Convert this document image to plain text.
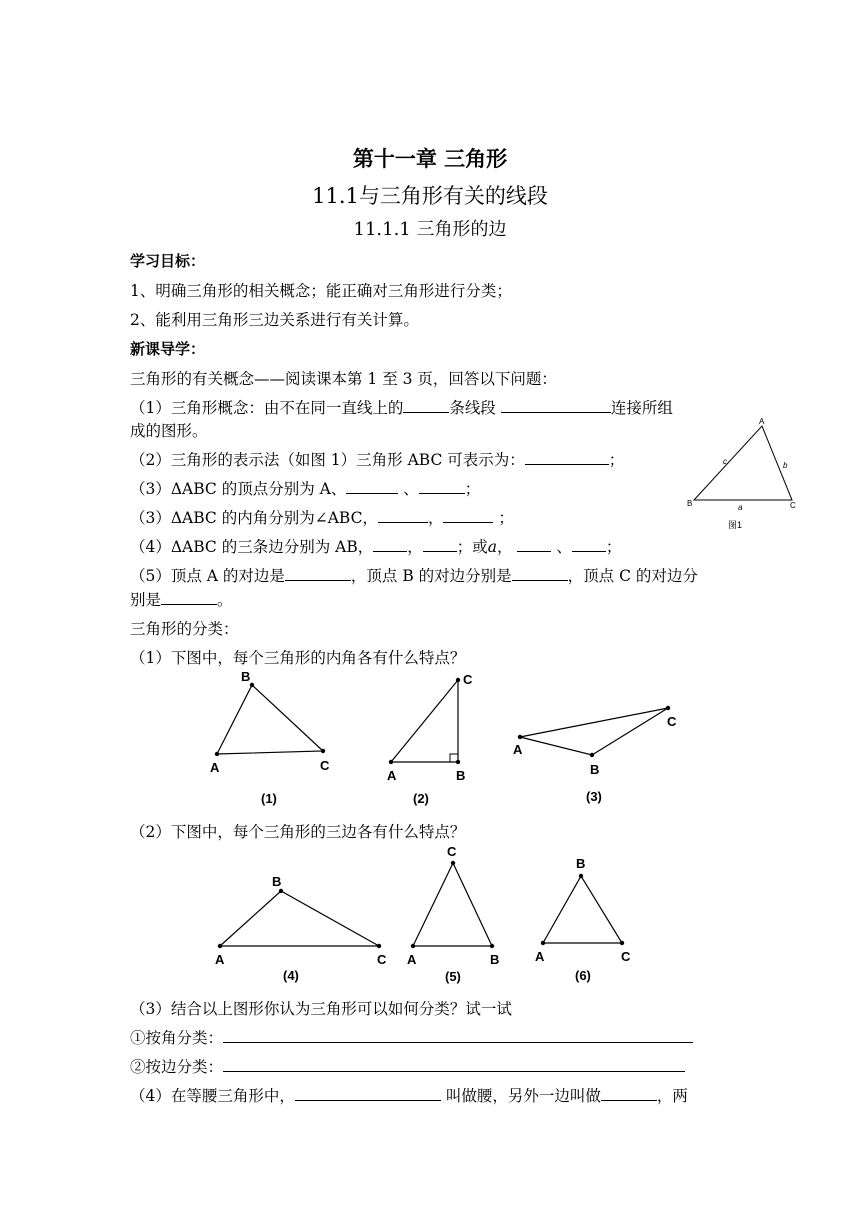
第十一章 三角形
11.1与三角形有关的线段
11.1.1 三角形的边
学习目标：
1、明确三角形的相关概念；能正确对三角形进行分类；
2、能利用三角形三边关系进行有关计算。
新课导学：
三角形的有关概念——阅读课本第 1 至 3 页，回答以下问题：
（1）三角形概念：由不在同一直线上的	条线段	连接所组
成的图形。
（2）三角形的表示法（如图 1）三角形 ABC 可表示为：	；
（3）ΔABC 的顶点分别为 A、	、	；
（3）ΔABC 的内角分别为∠ABC，	，	；
（4）ΔABC 的三条边分别为 AB， ， ；或a，	、 ；
（5）顶点 A 的对边是	，顶点 B 的对边分别是	，顶点 C 的对边分
别是	。
A
B	C
a
b
c
图1
三角形的分类：
（1）下图中，每个三角形的内角各有什么特点？
B
A	C
(1)
C
A	B
(2)
A
C
B
(3)
（2）下图中，每个三角形的三边各有什么特点？
B
A	C
(4)
C
A	B
(5)
B
A	C
(6)
（3）结合以上图形你认为三角形可以如何分类？试一试
①按角分类：
②按边分类：
（4）在等腰三角形中，	叫做腰，另外一边叫做	，两
